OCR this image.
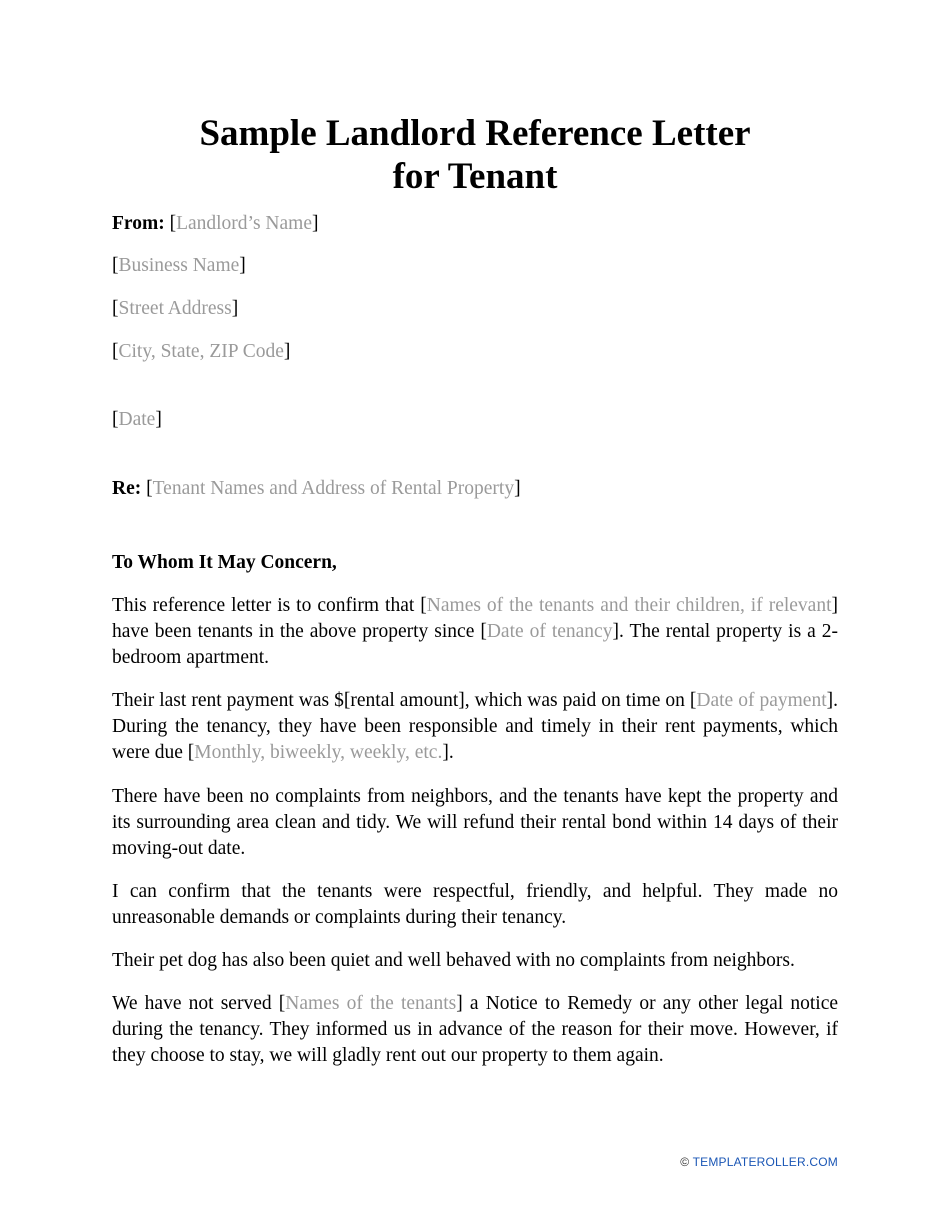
Sample Landlord Reference Letter
for Tenant
From: [Landlord’s Name]
[Business Name]
[Street Address]
[City, State, ZIP Code]
[Date]
Re: [Tenant Names and Address of Rental Property]
To Whom It May Concern,
This reference letter is to confirm that [Names of the tenants and their children, if relevant] have been tenants in the above property since [Date of tenancy]. The rental property is a 2-bedroom apartment.
Their last rent payment was $[rental amount], which was paid on time on [Date of payment]. During the tenancy, they have been responsible and timely in their rent payments, which were due [Monthly, biweekly, weekly, etc.].
There have been no complaints from neighbors, and the tenants have kept the property and its surrounding area clean and tidy. We will refund their rental bond within 14 days of their moving-out date.
I can confirm that the tenants were respectful, friendly, and helpful. They made no unreasonable demands or complaints during their tenancy.
Their pet dog has also been quiet and well behaved with no complaints from neighbors.
We have not served [Names of the tenants] a Notice to Remedy or any other legal notice during the tenancy. They informed us in advance of the reason for their move. However, if they choose to stay, we will gladly rent out our property to them again.
© TEMPLATEROLLER.COM
